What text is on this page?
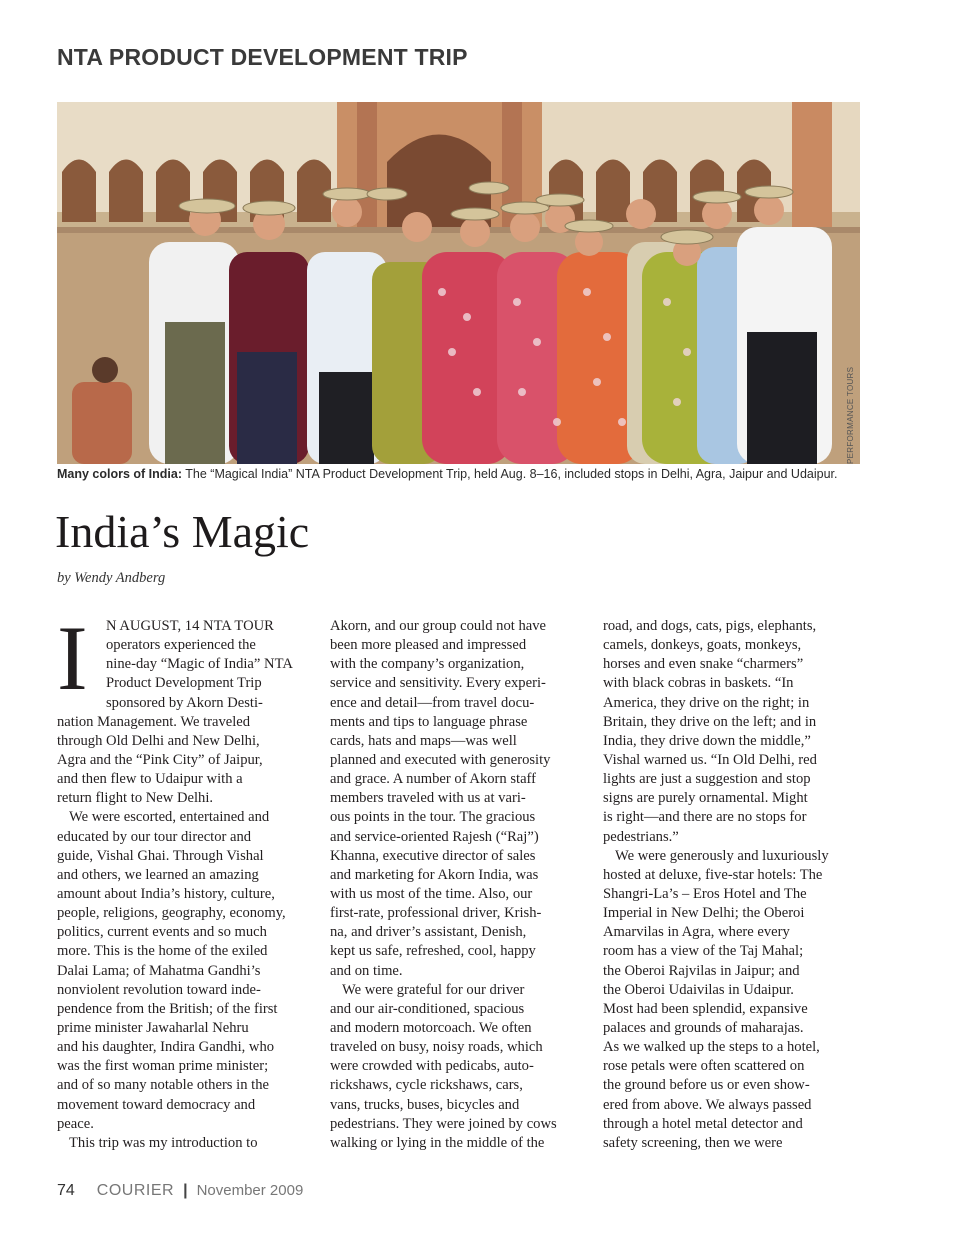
NTA PRODUCT DEVELOPMENT TRIP
PERFORMANCE TOURS
Many colors of India: The “Magical India” NTA Product Development Trip, held Aug. 8–16, included stops in Delhi, Agra, Jaipur and Udaipur.
India’s Magic
by Wendy Andberg
I	N AUGUST, 14 NTA TOUR
operators experienced the
nine-day “Magic of India” NTA
Product Development Trip
sponsored by Akorn Desti-
nation Management. We traveled
through Old Delhi and New Delhi,
Agra and the “Pink City” of Jaipur,
and then flew to Udaipur with a
return flight to New Delhi.
We were escorted, entertained and
educated by our tour director and
guide, Vishal Ghai. Through Vishal
and others, we learned an amazing
amount about India’s history, culture,
people, religions, geography, economy,
politics, current events and so much
more. This is the home of the exiled
Dalai Lama; of Mahatma Gandhi’s
nonviolent revolution toward inde-
pendence from the British; of the first
prime minister Jawaharlal Nehru
and his daughter, Indira Gandhi, who
was the first woman prime minister;
and of so many notable others in the
movement toward democracy and
peace.
This trip was my introduction to
Akorn, and our group could not have
been more pleased and impressed
with the company’s organization,
service and sensitivity. Every experi-
ence and detail—from travel docu-
ments and tips to language phrase
cards, hats and maps—was well
planned and executed with generosity
and grace. A number of Akorn staff
members traveled with us at vari-
ous points in the tour. The gracious
and service-oriented Rajesh (“Raj”)
Khanna, executive director of sales
and marketing for Akorn India, was
with us most of the time. Also, our
first-rate, professional driver, Krish-
na, and driver’s assistant, Denish,
kept us safe, refreshed, cool, happy
and on time.
We were grateful for our driver
and our air-conditioned, spacious
and modern motorcoach. We often
traveled on busy, noisy roads, which
were crowded with pedicabs, auto-
rickshaws, cycle rickshaws, cars,
vans, trucks, buses, bicycles and
pedestrians. They were joined by cows
walking or lying in the middle of the
road, and dogs, cats, pigs, elephants,
camels, donkeys, goats, monkeys,
horses and even snake “charmers”
with black cobras in baskets. “In
America, they drive on the right; in
Britain, they drive on the left; and in
India, they drive down the middle,”
Vishal warned us. “In Old Delhi, red
lights are just a suggestion and stop
signs are purely ornamental. Might
is right—and there are no stops for
pedestrians.”
We were generously and luxuriously
hosted at deluxe, five-star hotels: The
Shangri-La’s – Eros Hotel and The
Imperial in New Delhi; the Oberoi
Amarvilas in Agra, where every
room has a view of the Taj Mahal;
the Oberoi Rajvilas in Jaipur; and
the Oberoi Udaivilas in Udaipur.
Most had been splendid, expansive
palaces and grounds of maharajas.
As we walked up the steps to a hotel,
rose petals were often scattered on
the ground before us or even show-
ered from above. We always passed
through a hotel metal detector and
safety screening, then we were
74 COURIER | November 2009
